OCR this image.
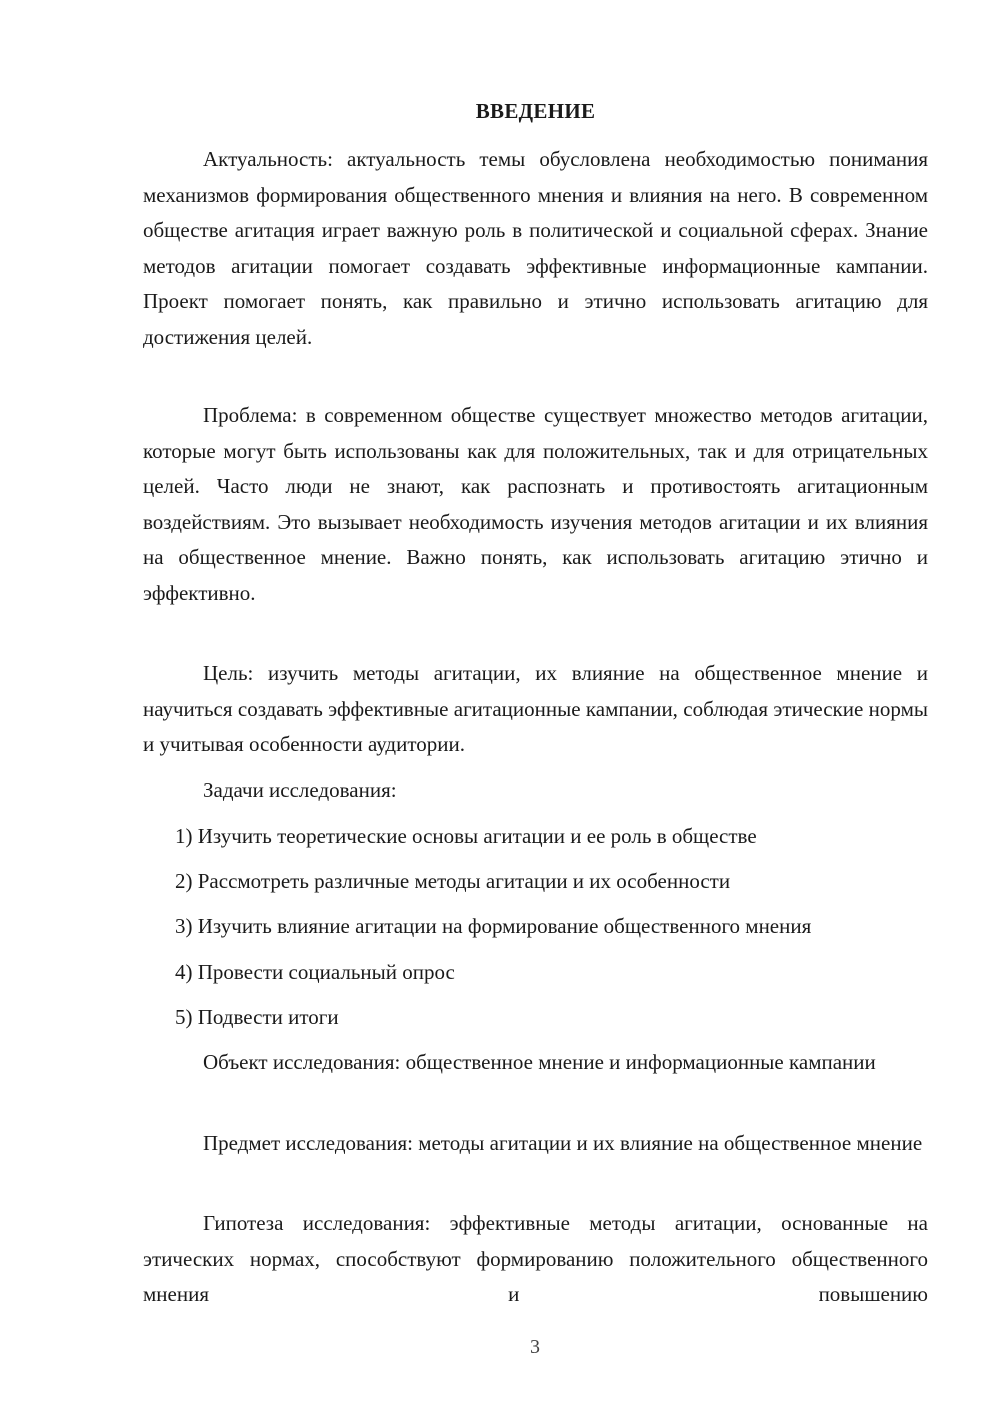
ВВЕДЕНИЕ

Актуальность: актуальность темы обусловлена необходимостью понимания механизмов формирования общественного мнения и влияния на него. В современном обществе агитация играет важную роль в политической и социальной сферах. Знание методов агитации помогает создавать эффективные информационные кампании. Проект помогает понять, как правильно и этично использовать агитацию для достижения целей.

Проблема: в современном обществе существует множество методов агитации, которые могут быть использованы как для положительных, так и для отрицательных целей. Часто люди не знают, как распознать и противостоять агитационным воздействиям. Это вызывает необходимость изучения методов агитации и их влияния на общественное мнение. Важно понять, как использовать агитацию этично и эффективно.

Цель: изучить методы агитации, их влияние на общественное мнение и научиться создавать эффективные агитационные кампании, соблюдая этические нормы и учитывая особенности аудитории.

Задачи исследования:

1) Изучить теоретические основы агитации и ее роль в обществе

2) Рассмотреть различные методы агитации и их особенности

3) Изучить влияние агитации на формирование общественного мнения

4) Провести социальный опрос

5) Подвести итоги

Объект исследования: общественное мнение и информационные кампании

Предмет исследования: методы агитации и их влияние на общественное мнение

Гипотеза исследования: эффективные методы агитации, основанные на этических нормах, способствуют формированию положительного общественного мнения и повышению

3
